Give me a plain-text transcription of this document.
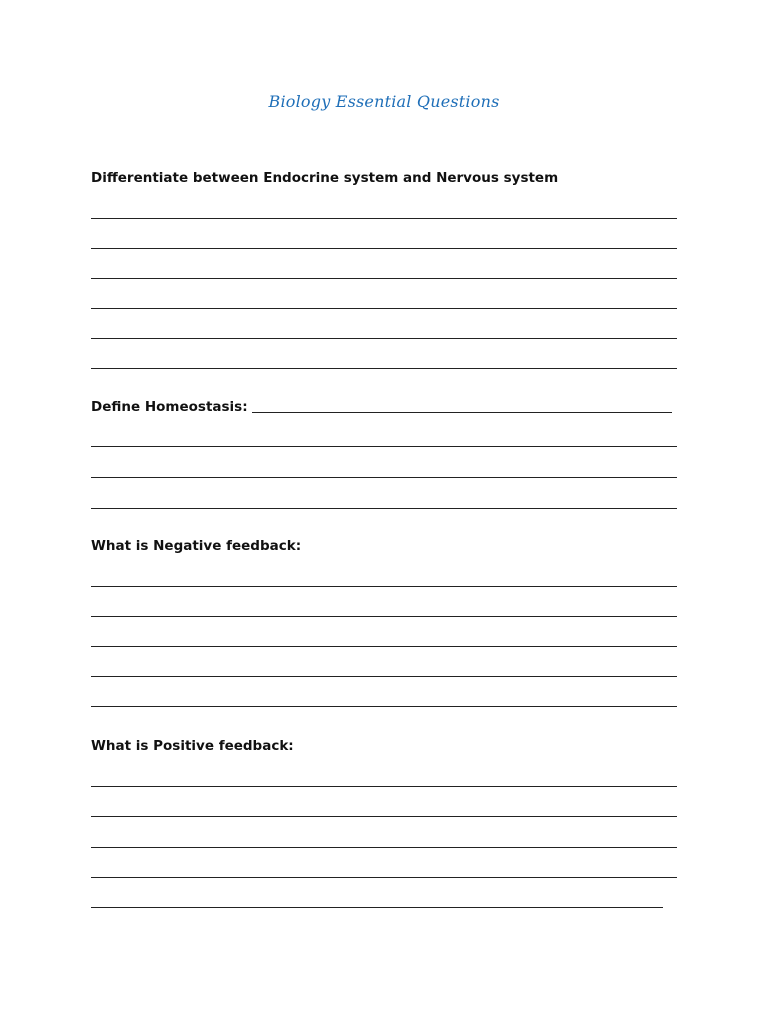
Biology Essential Questions
Differentiate between Endocrine system and Nervous system
Define Homeostasis:
What is Negative feedback:
What is Positive feedback:
